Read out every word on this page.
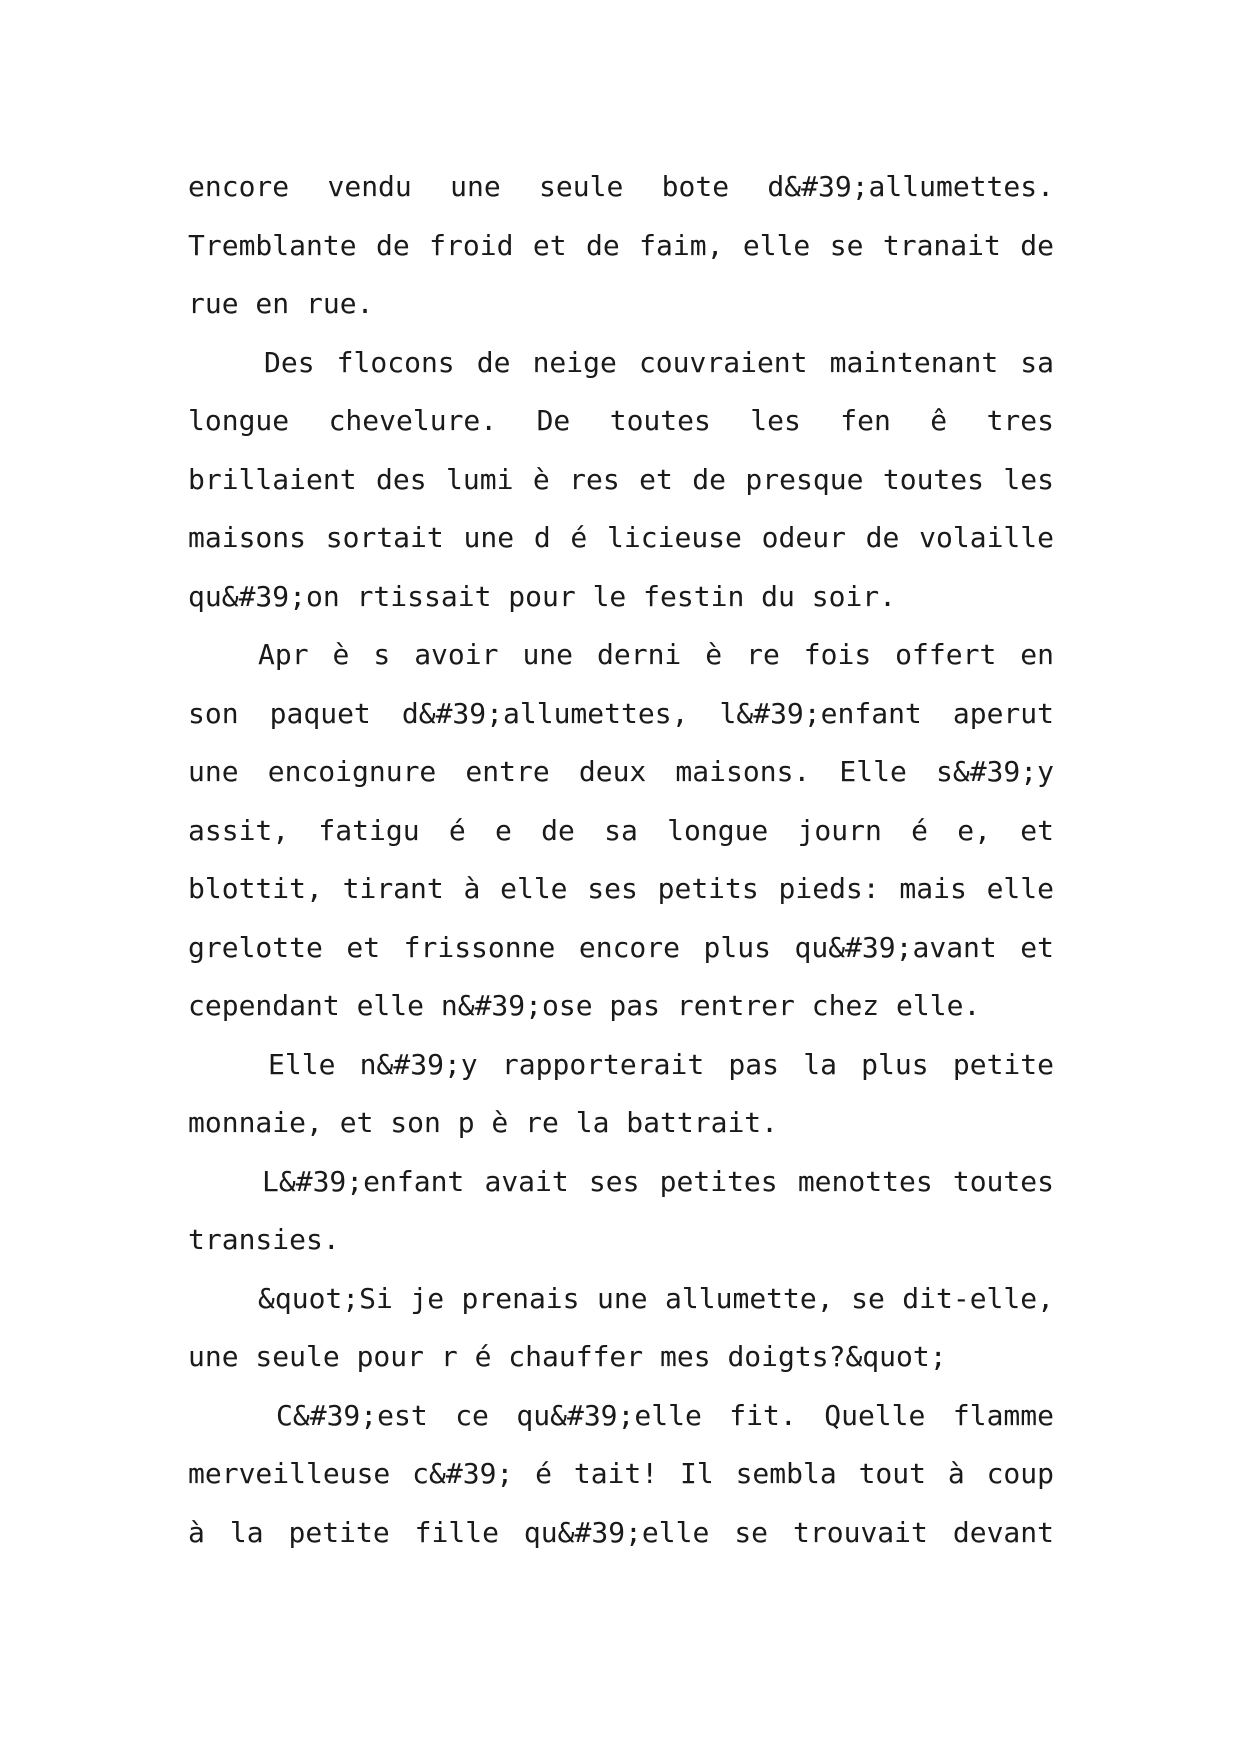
encore vendu une seule bote d&#39;allumettes.
Tremblante de froid et de faim, elle se tranait de
rue en rue.
Des flocons de neige couvraient maintenant sa
longue chevelure. De toutes les fen ê tres
brillaient des lumi è res et de presque toutes les
maisons sortait une d é licieuse odeur de volaille
qu&#39;on rtissait pour le festin du soir.
Apr è s avoir une derni è re fois offert en
son paquet d&#39;allumettes, l&#39;enfant aperut
une encoignure entre deux maisons. Elle s&#39;y
assit, fatigu é e de sa longue journ é e, et
blottit, tirant à elle ses petits pieds: mais elle
grelotte et frissonne encore plus qu&#39;avant et
cependant elle n&#39;ose pas rentrer chez elle.
Elle n&#39;y rapporterait pas la plus petite
monnaie, et son p è re la battrait.
L&#39;enfant avait ses petites menottes toutes
transies.
&quot;Si je prenais une allumette, se dit-elle,
une seule pour r é chauffer mes doigts?&quot;
C&#39;est ce qu&#39;elle fit. Quelle flamme
merveilleuse c&#39; é tait! Il sembla tout à coup
à la petite fille qu&#39;elle se trouvait devant
